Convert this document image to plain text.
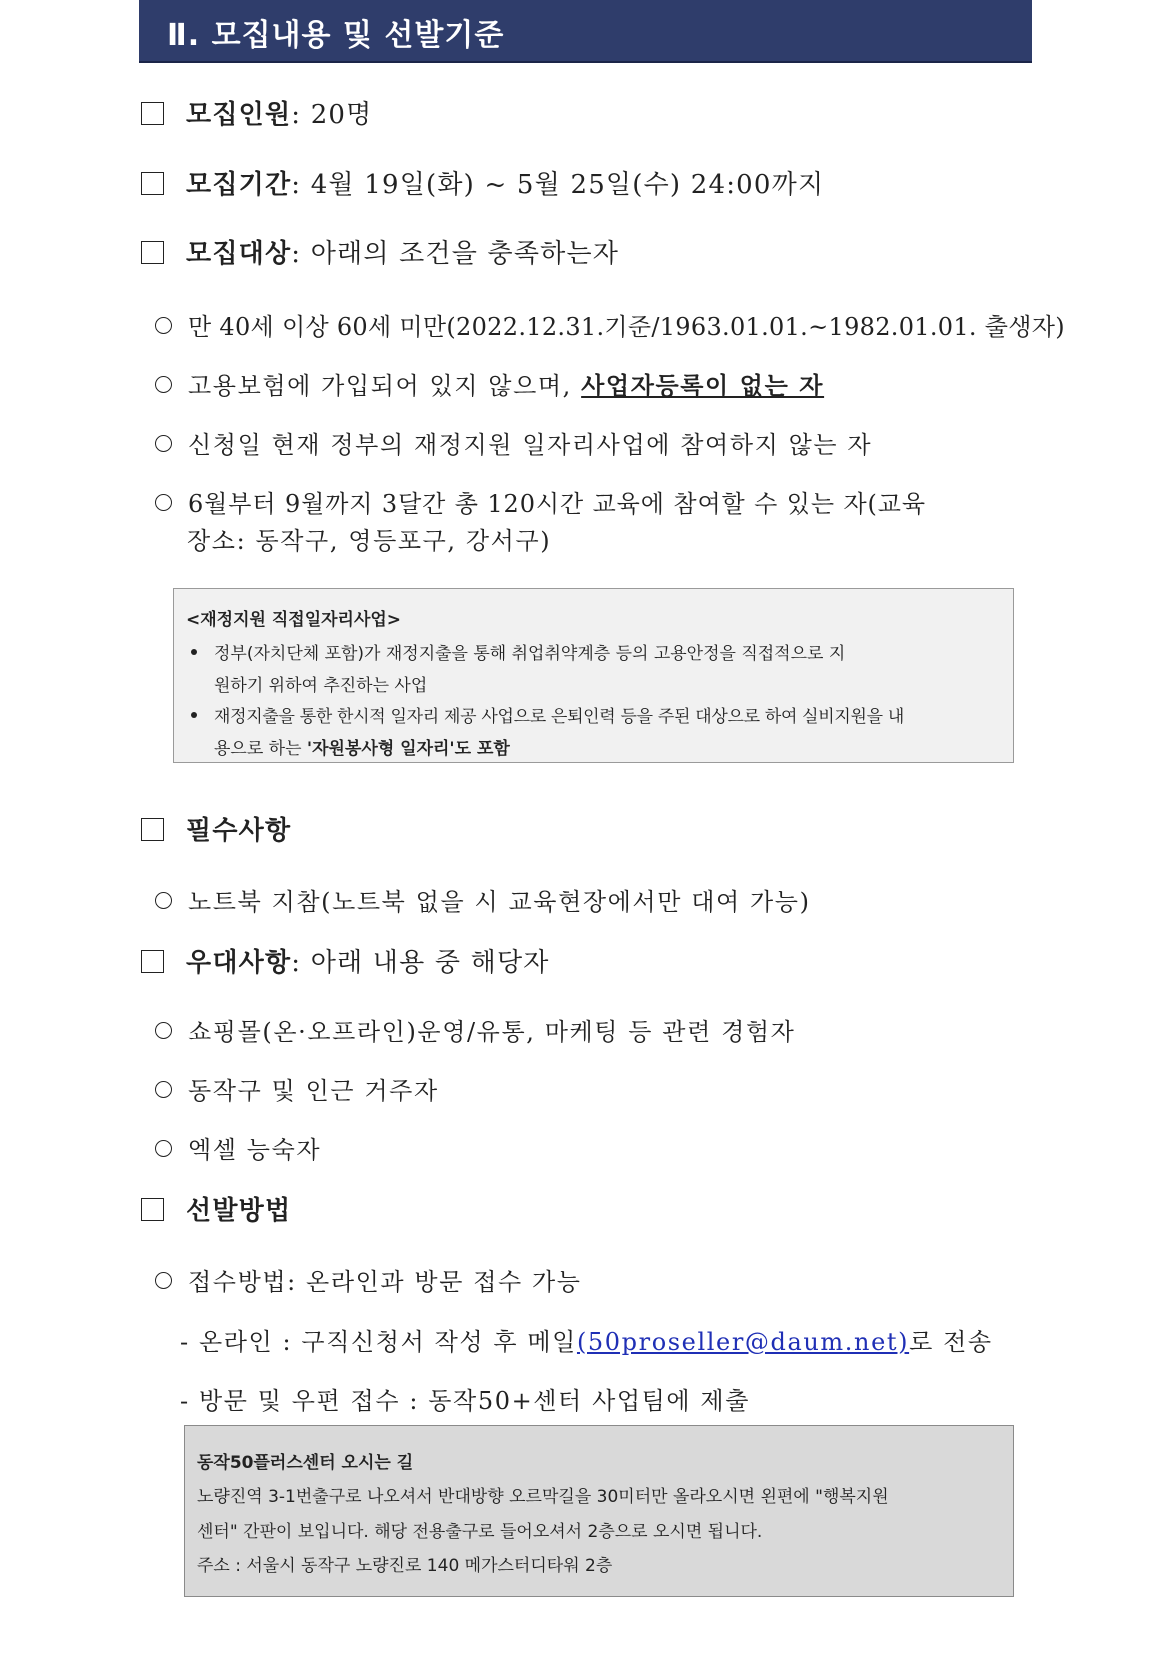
Ⅱ. 모집내용 및 선발기준
모집인원: 20명
모집기간: 4월 19일(화) ~ 5월 25일(수) 24:00까지
모집대상: 아래의 조건을 충족하는자
만 40세 이상 60세 미만(2022.12.31.기준/1963.01.01.~1982.01.01. 출생자)
고용보험에 가입되어 있지 않으며, 사업자등록이 없는 자
신청일 현재 정부의 재정지원 일자리사업에 참여하지 않는 자
6월부터 9월까지 3달간 총 120시간 교육에 참여할 수 있는 자(교육
장소: 동작구, 영등포구, 강서구)
<재정지원 직접일자리사업>
정부(자치단체 포함)가 재정지출을 통해 취업취약계층 등의 고용안정을 직접적으로 지
원하기 위하여 추진하는 사업
재정지출을 통한 한시적 일자리 제공 사업으로 은퇴인력 등을 주된 대상으로 하여 실비지원을 내
용으로 하는 '자원봉사형 일자리'도 포함
필수사항
노트북 지참(노트북 없을 시 교육현장에서만 대여 가능)
우대사항: 아래 내용 중 해당자
쇼핑몰(온·오프라인)운영/유통, 마케팅 등 관련 경험자
동작구 및 인근 거주자
엑셀 능숙자
선발방법
접수방법: 온라인과 방문 접수 가능
- 온라인 : 구직신청서 작성 후 메일(50proseller@daum.net)로 전송
- 방문 및 우편 접수 : 동작50+센터 사업팀에 제출
동작50플러스센터 오시는 길
노량진역 3-1번출구로 나오셔서 반대방향 오르막길을 30미터만 올라오시면 왼편에 "행복지원
센터" 간판이 보입니다. 해당 전용출구로 들어오셔서 2층으로 오시면 됩니다.
주소 : 서울시 동작구 노량진로 140 메가스터디타워 2층
